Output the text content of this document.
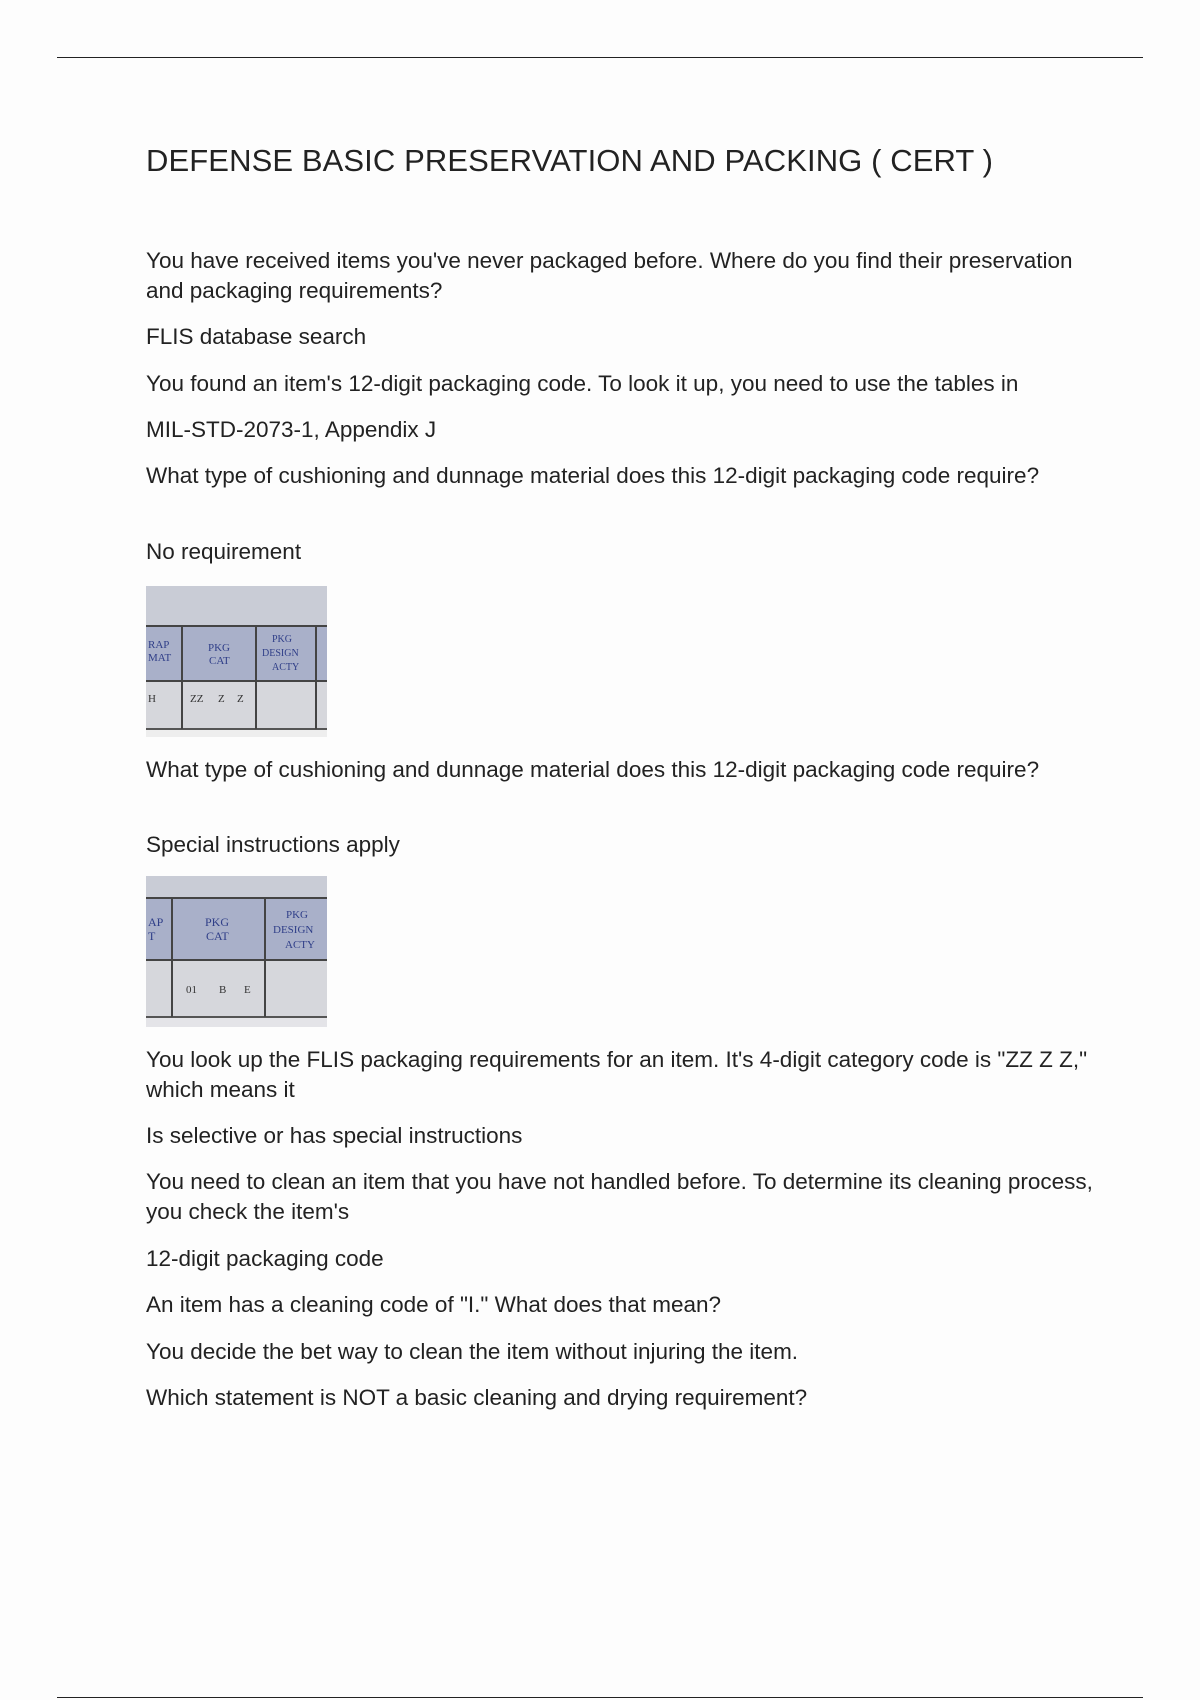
DEFENSE BASIC PRESERVATION AND PACKING ( CERT )
You have received items you've never packaged before. Where do you find their preservation and packaging requirements?
FLIS database search
You found an item's 12-digit packaging code. To look it up, you need to use the tables in
MIL-STD-2073-1, Appendix J
What type of cushioning and dunnage material does this 12-digit packaging code require?
No requirement
RAP
MAT
PKG
CAT
PKG
DESIGN
ACTY
H	ZZ Z Z
What type of cushioning and dunnage material does this 12-digit packaging code require?
Special instructions apply
AP
T
PKG
CAT
PKG
DESIGN
ACTY
01 B E
You look up the FLIS packaging requirements for an item. It's 4-digit category code is "ZZ Z Z," which means it
Is selective or has special instructions
You need to clean an item that you have not handled before. To determine its cleaning process, you check the item's
12-digit packaging code
An item has a cleaning code of "I." What does that mean?
You decide the bet way to clean the item without injuring the item.
Which statement is NOT a basic cleaning and drying requirement?
